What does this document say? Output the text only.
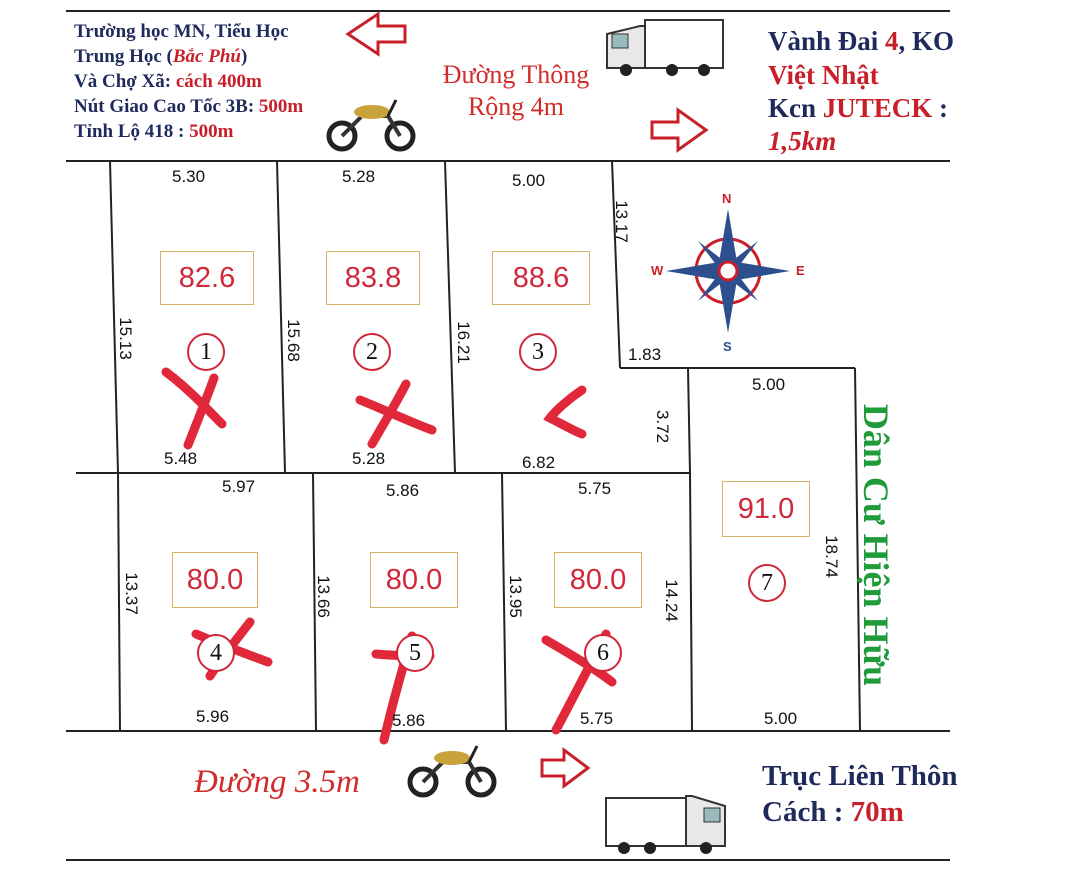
Trường học MN, Tiểu Học
Trung Học (Bắc Phú)
Và Chợ Xã: cách 400m
Nút Giao Cao Tốc 3B: 500m
Tỉnh Lộ 418 : 500m
Đường Thông
Rộng 4m
Vành Đai 4, KO
Việt Nhật
Kcn JUTECK :
1,5km
N
S
E
W
5.30	5.28	5.00
15.13	15.68	16.21
13.17
1.83
3.72
5.48	5.28	6.82
5.97	5.86	5.75
13.37	13.66	13.95	14.24
5.96	5.86	5.75
5.00
18.74
5.00
82.6	83.8	88.6
80.0	80.0	80.0
91.0
1	2	3
4	5	6
7	Dân Cư Hiện Hữu
Đường 3.5m	Trục Liên Thôn
Cách : 70m
